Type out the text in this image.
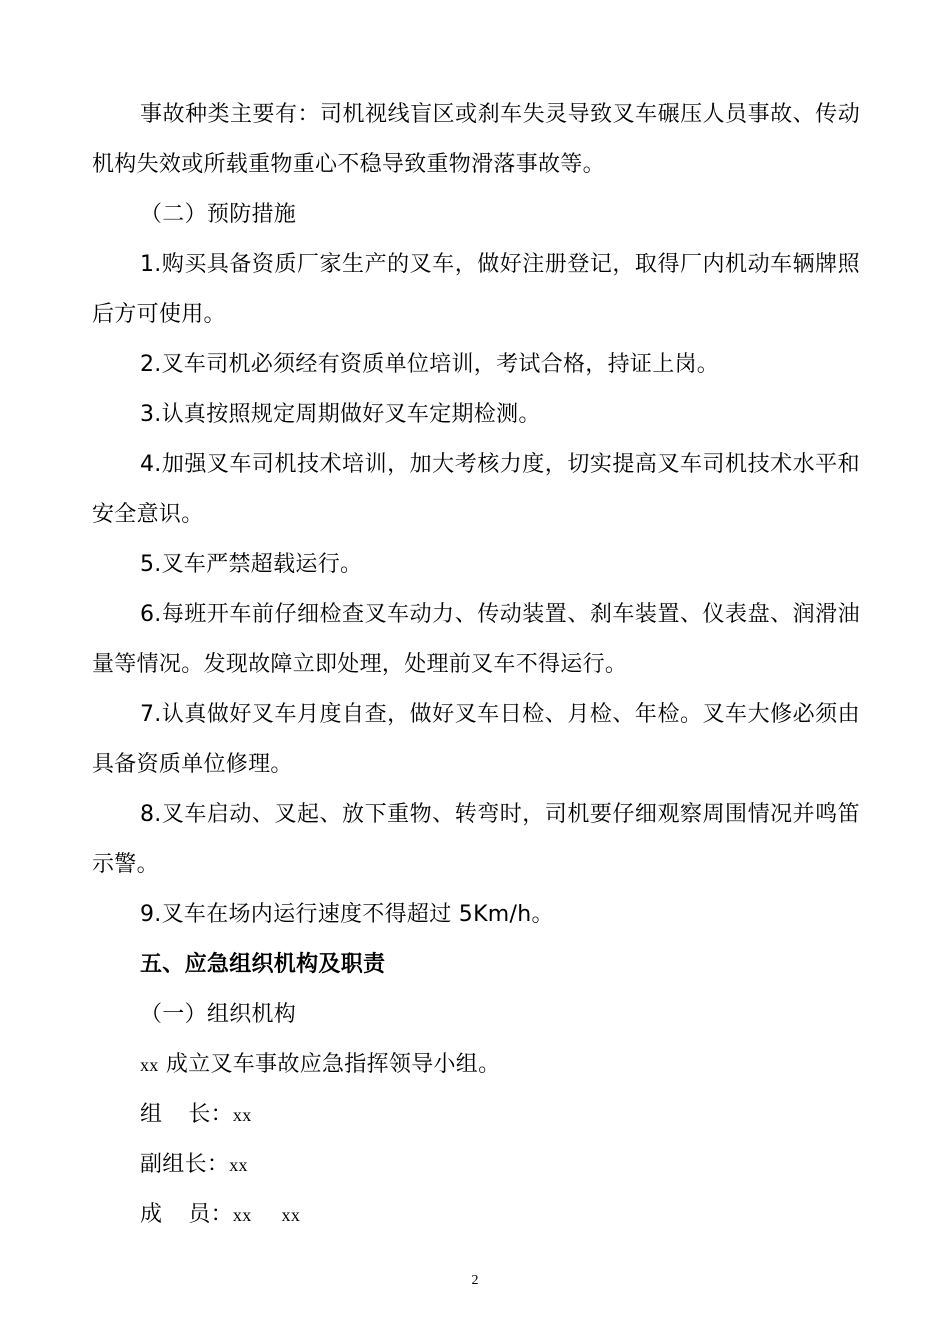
事故种类主要有：司机视线盲区或刹车失灵导致叉车碾压人员事故、传动机构失效或所载重物重心不稳导致重物滑落事故等。

（二）预防措施

1.购买具备资质厂家生产的叉车，做好注册登记，取得厂内机动车辆牌照后方可使用。

2.叉车司机必须经有资质单位培训，考试合格，持证上岗。

3.认真按照规定周期做好叉车定期检测。

4.加强叉车司机技术培训，加大考核力度，切实提高叉车司机技术水平和安全意识。

5.叉车严禁超载运行。

6.每班开车前仔细检查叉车动力、传动装置、刹车装置、仪表盘、润滑油量等情况。发现故障立即处理，处理前叉车不得运行。

7.认真做好叉车月度自查，做好叉车日检、月检、年检。叉车大修必须由具备资质单位修理。

8.叉车启动、叉起、放下重物、转弯时，司机要仔细观察周围情况并鸣笛示警。

9.叉车在场内运行速度不得超过 5Km/h。

五、应急组织机构及职责

（一）组织机构

xx 成立叉车事故应急指挥领导小组。

组 长：xx

副组长：xx

成 员：xx xx

2
